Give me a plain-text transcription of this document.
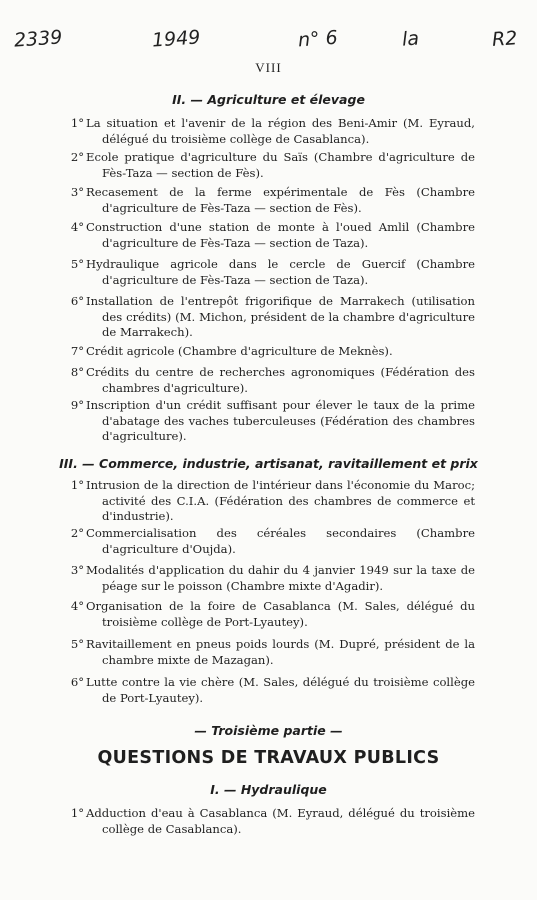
2339	1949	n° 6	la	R2
VIII
II. — Agriculture et élevage
1° La situation et l'avenir de la région des Beni-Amir (M. Eyraud, délégué du troisième collège de Casablanca).
2° Ecole pratique d'agriculture du Saïs (Chambre d'agriculture de Fès-Taza — section de Fès).
3° Recasement de la ferme expérimentale de Fès (Chambre d'agriculture de Fès-Taza — section de Fès).
4° Construction d'une station de monte à l'oued Amlil (Chambre d'agriculture de Fès-Taza — section de Taza).
5° Hydraulique agricole dans le cercle de Guercif (Chambre d'agriculture de Fès-Taza — section de Taza).
6° Installation de l'entrepôt frigorifique de Marrakech (utilisation des crédits) (M. Michon, président de la chambre d'agriculture de Marrakech).
7° Crédit agricole (Chambre d'agriculture de Meknès).
8° Crédits du centre de recherches agronomiques (Fédération des chambres d'agriculture).
9° Inscription d'un crédit suffisant pour élever le taux de la prime d'abatage des vaches tuberculeuses (Fédération des chambres d'agriculture).
III. — Commerce, industrie, artisanat, ravitaillement et prix
1° Intrusion de la direction de l'intérieur dans l'économie du Maroc; activité des C.I.A. (Fédération des chambres de commerce et d'industrie).
2° Commercialisation des céréales secondaires (Chambre d'agriculture d'Oujda).
3° Modalités d'application du dahir du 4 janvier 1949 sur la taxe de péage sur le poisson (Chambre mixte d'Agadir).
4° Organisation de la foire de Casablanca (M. Sales, délégué du troisième collège de Port-Lyautey).
5° Ravitaillement en pneus poids lourds (M. Dupré, président de la chambre mixte de Mazagan).
6° Lutte contre la vie chère (M. Sales, délégué du troisième collège de Port-Lyautey).
— Troisième partie —
QUESTIONS DE TRAVAUX PUBLICS
I. — Hydraulique
1° Adduction d'eau à Casablanca (M. Eyraud, délégué du troisième collège de Casablanca).
